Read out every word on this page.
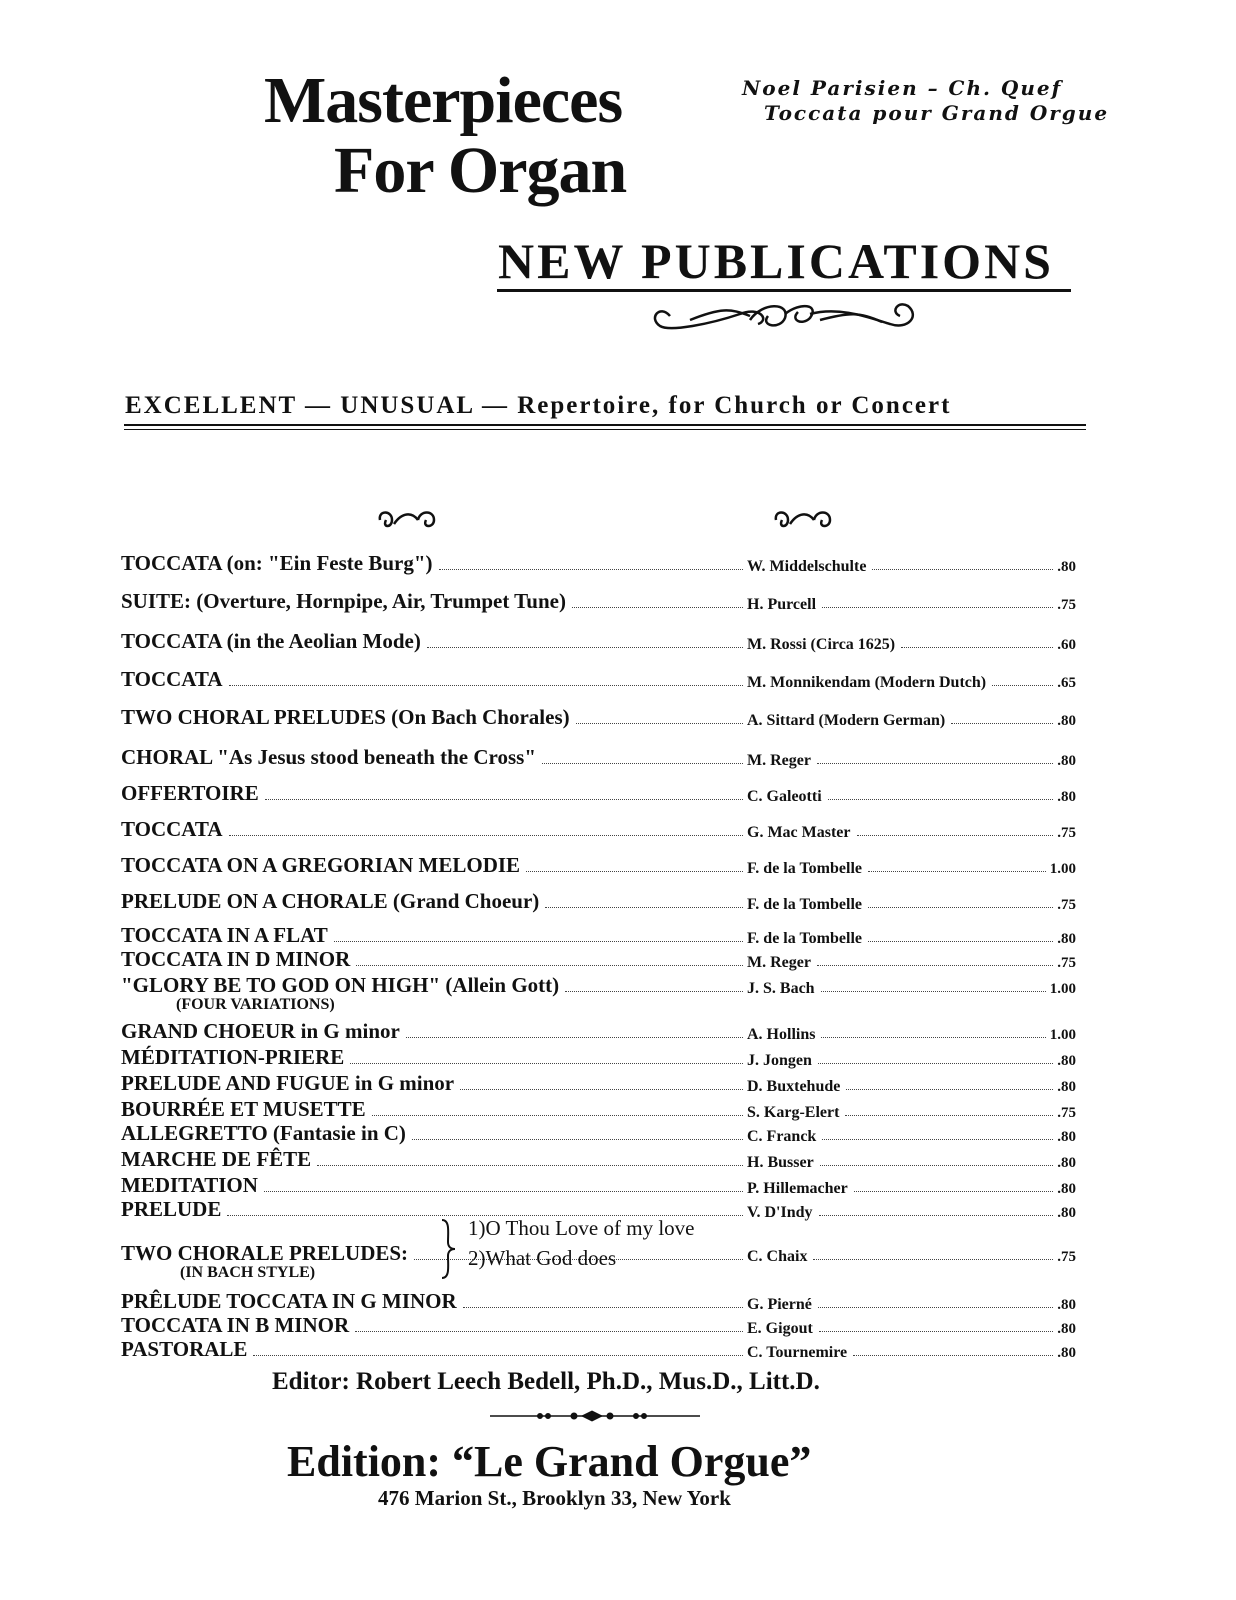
Masterpieces
For Organ
Noel Parisien – Ch. Quef
Toccata pour Grand Orgue
NEW PUBLICATIONS
EXCELLENT — UNUSUAL — Repertoire, for Church or Concert
TOCCATA (on: "Ein Feste Burg")	W. Middelschulte	.80
SUITE: (Overture, Hornpipe, Air, Trumpet Tune)	H. Purcell	.75
TOCCATA (in the Aeolian Mode)	M. Rossi (Circa 1625)	.60
TOCCATA	M. Monnikendam (Modern Dutch)	.65
TWO CHORAL PRELUDES (On Bach Chorales)	A. Sittard (Modern German)	.80
CHORAL "As Jesus stood beneath the Cross"	M. Reger	.80
OFFERTOIRE	C. Galeotti	.80
TOCCATA	G. Mac Master	.75
TOCCATA ON A GREGORIAN MELODIE	F. de la Tombelle	1.00
PRELUDE ON A CHORALE (Grand Choeur)	F. de la Tombelle	.75
TOCCATA IN A FLAT	F. de la Tombelle	.80
TOCCATA IN D MINOR	M. Reger	.75
"GLORY BE TO GOD ON HIGH" (Allein Gott)	J. S. Bach	1.00
(FOUR VARIATIONS)
GRAND CHOEUR in G minor	A. Hollins	1.00
MÉDITATION-PRIERE	J. Jongen	.80
PRELUDE AND FUGUE in G minor	D. Buxtehude	.80
BOURRÉE ET MUSETTE	S. Karg-Elert	.75
ALLEGRETTO (Fantasie in C)	C. Franck	.80
MARCHE DE FÊTE	H. Busser	.80
MEDITATION	P. Hillemacher	.80
PRELUDE	V. D'Indy	.80
TWO CHORALE PRELUDES:	C. Chaix	.75
(IN BACH STYLE)
1)O Thou Love of my love
2)What God does
PRÊLUDE TOCCATA IN G MINOR	G. Pierné	.80
TOCCATA IN B MINOR	E. Gigout	.80
PASTORALE	C. Tournemire	.80
Editor: Robert Leech Bedell, Ph.D., Mus.D., Litt.D.
Edition: “Le Grand Orgue”
476 Marion St., Brooklyn 33, New York
